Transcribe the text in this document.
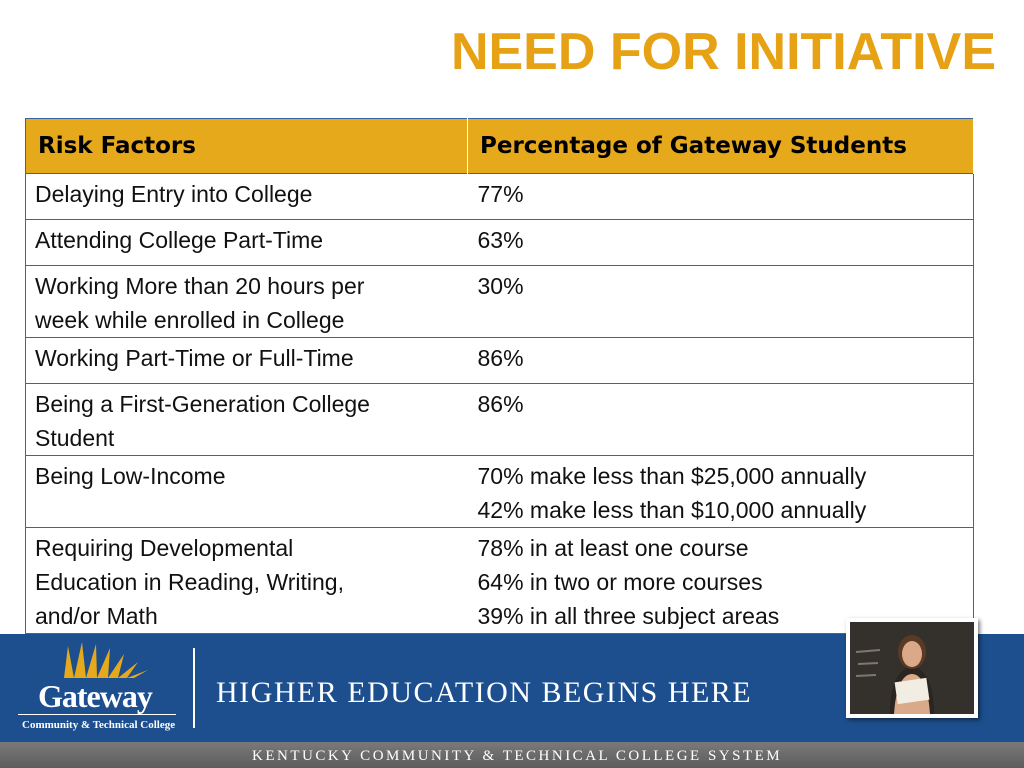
NEED FOR INITIATIVE
Risk Factors	Percentage of Gateway Students

Delaying Entry into College	77%

Attending College Part-Time	63%

Working More than 20 hours per
week while enrolled in College	30%

Working Part-Time or Full-Time	86%

Being a First-Generation College
Student	86%

Being Low-Income	70% make less than $25,000 annually
42% make less than $10,000 annually

Requiring Developmental
Education in Reading, Writing,
and/or Math	78% in at least one course
64% in two or more courses
39% in all three subject areas
Gateway
Community & Technical College
HIGHER EDUCATION BEGINS HERE
KENTUCKY COMMUNITY & TECHNICAL COLLEGE SYSTEM
